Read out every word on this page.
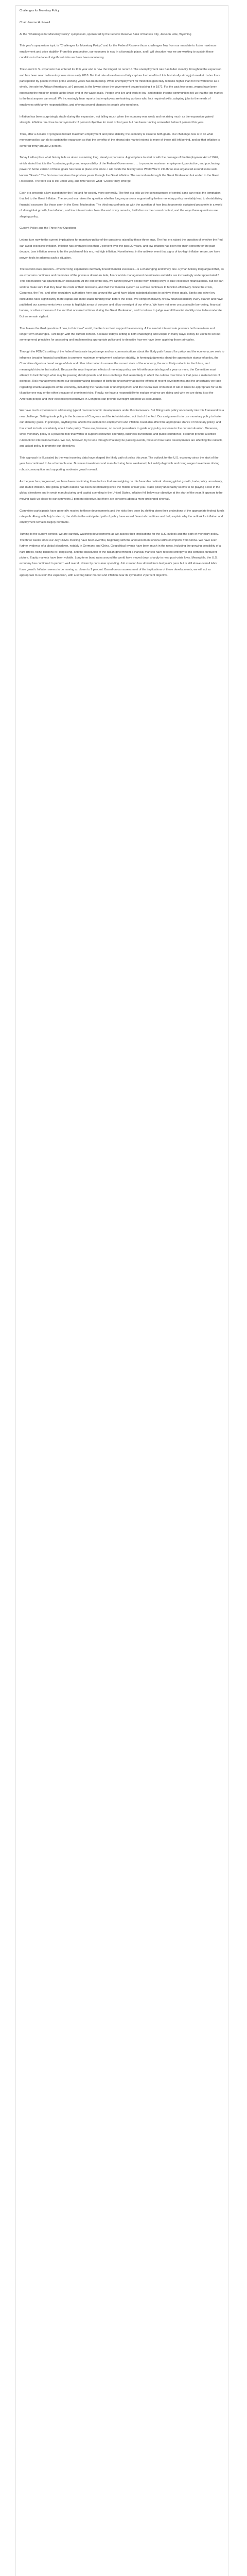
Challenges for Monetary Policy

Chair Jerome H. Powell

At the "Challenges for Monetary Policy" symposium, sponsored by the Federal Reserve Bank of Kansas City, Jackson Hole, Wyoming

This year's symposium topic is "Challenges for Monetary Policy," and for the Federal Reserve those challenges flow from our mandate to foster maximum employment and price stability. From this perspective, our economy is now in a favorable place, and I will describe how we are working to sustain these conditions in the face of significant risks we have been monitoring.

The current U.S. expansion has entered its 11th year and is now the longest on record.1 The unemployment rate has fallen steadily throughout the expansion and has been near half-century lows since early 2018. But that rate alone does not fully capture the benefits of this historically strong job market. Labor force participation by people in their prime working years has been rising. While unemployment for minorities generally remains higher than for the workforce as a whole, the rate for African Americans, at 6 percent, is the lowest since the government began tracking it in 1972. For the past few years, wages have been increasing the most for people at the lower end of the wage scale. People who live and work in low- and middle-income communities tell us that the job market is the best anyone can recall. We increasingly hear reports that employers are training workers who lack required skills, adapting jobs to the needs of employees with family responsibilities, and offering second chances to people who need one.

Inflation has been surprisingly stable during the expansion, not falling much when the economy was weak and not rising much as the expansion gained strength. Inflation ran close to our symmetric 2 percent objective for most of last year but has been running somewhat below 2 percent this year.

Thus, after a decade of progress toward maximum employment and price stability, the economy is close to both goals. Our challenge now is to do what monetary policy can do to sustain the expansion so that the benefits of the strong jobs market extend to more of those still left behind, and so that inflation is centered firmly around 2 percent.

Today I will explore what history tells us about sustaining long, steady expansions. A good place to start is with the passage of the Employment Act of 1946, which stated that it is the "continuing policy and responsibility of the Federal Government . . . to promote maximum employment, production, and purchasing power."2 Some version of these goals has been in place ever since. I will divide the history since World War II into three eras organized around some well-known "Greats." The first era comprises the postwar years through the Great Inflation. The second era brought the Great Moderation but ended in the Great Recession. The third era is still under way, and time will tell what "Greats" may emerge.

Each era presents a key question for the Fed and for society more generally. The first era tells us the consequences of central bank can resist the temptation that led to the Great Inflation. The second era raises the question whether long expansions supported by better monetary policy inevitably lead to destabilizing financial excesses like those seen in the Great Moderation. The third era confronts us with the question of how best to promote sustained prosperity in a world of slow global growth, low inflation, and low interest rates. Near the end of my remarks, I will discuss the current context, and the ways these questions are shaping policy.

Current Policy and the Three Key Questions

Let me turn now to the current implications for monetary policy of the questions raised by these three eras. The first era raised the question of whether the Fed can avoid excessive inflation. Inflation has averaged less than 2 percent over the past 20 years, and low inflation has been the main concern for the past decade. Low inflation seems to be the problem of this era, not high inflation. Nonetheless, in the unlikely event that signs of too-high inflation return, we have proven tools to address such a situation.

The second era's question—whether long expansions inevitably breed financial excesses—is a challenging and timely one. Hyman Minsky long argued that, as an expansion continues and memories of the previous downturn fade, financial risk management deteriorates and risks are increasingly underappreciated.3 This observation has sparked much discussion. At the end of the day, we cannot prevent people from finding ways to take excessive financial risks. But we can work to make sure that they bear the costs of their decisions, and that the financial system as a whole continues to function effectively. Since the crisis, Congress, the Fed, and other regulatory authorities here and around the world have taken substantial steps to achieve these goals. Banks and other key institutions have significantly more capital and more stable funding than before the crisis. We comprehensively review financial stability every quarter and have published our assessments twice a year to highlight areas of concern and allow oversight of our efforts. We have not seen unsustainable borrowing, financial booms, or other excesses of the sort that occurred at times during the Great Moderation, and I continue to judge overall financial stability risks to be moderate. But we remain vigilant.

That leaves the third question of how, in this low-r* world, the Fed can best support the economy. A low neutral interest rate prevents both near-term and longer-term challenges. I will begin with the current context. Because today's setting is both challenging and unique in many ways, it may be useful to set out some general principles for assessing and implementing appropriate policy and to describe how we have been applying those principles.

Through the FOMC's setting of the federal funds rate target range and our communications about the likely path forward for policy and the economy, we seek to influence broader financial conditions to promote maximum employment and price stability. In forming judgments about the appropriate stance of policy, the Committee digests a broad range of data and other information to assess the current state of the economy, the most likely outlook for the future, and meaningful risks to that outlook. Because the most important effects of monetary policy are felt with uncertain lags of a year or more, the Committee must attempt to look through what may be passing developments and focus on things that seem likely to affect the outlook over time or that pose a material risk of doing so. Risk management enters our decisionmaking because of both the uncertainty about the effects of recent developments and the uncertainty we face regarding structural aspects of the economy, including the natural rate of unemployment and the neutral rate of interest. It will at times be appropriate for us to tilt policy one way or the other because of prominent risks. Finally, we have a responsibility to explain what we are doing and why we are doing it so the American people and their elected representatives in Congress can provide oversight and hold us accountable.

We have much experience in addressing typical macroeconomic developments under this framework. But fitting trade policy uncertainty into this framework is a new challenge. Setting trade policy is the business of Congress and the Administration, not that of the Fed. Our assignment is to use monetary policy to foster our statutory goals. In principle, anything that affects the outlook for employment and inflation could also affect the appropriate stance of monetary policy, and that could include uncertainty about trade policy. There are, however, no recent precedents to guide any policy response to the current situation. Moreover, while monetary policy is a powerful tool that works to support consumer spending, business investment, and public confidence, it cannot provide a settled rulebook for international trade. We can, however, try to look through what may be passing events, focus on how trade developments are affecting the outlook, and adjust policy to promote our objectives.

This approach is illustrated by the way incoming data have shaped the likely path of policy this year. The outlook for the U.S. economy since the start of the year has continued to be a favorable one. Business investment and manufacturing have weakened, but solid job growth and rising wages have been driving robust consumption and supporting moderate growth overall.

As the year has progressed, we have been monitoring three factors that are weighing on this favorable outlook: slowing global growth, trade policy uncertainty, and muted inflation. The global growth outlook has been deteriorating since the middle of last year. Trade policy uncertainty seems to be playing a role in the global slowdown and in weak manufacturing and capital spending in the United States. Inflation fell below our objective at the start of the year. It appears to be moving back up closer to our symmetric 2 percent objective, but there are concerns about a more prolonged shortfall.

Committee participants have generally reacted to these developments and the risks they pose by shifting down their projections of the appropriate federal funds rate path. Along with July's rate cut, the shifts in the anticipated path of policy have eased financial conditions and help explain why the outlook for inflation and employment remains largely favorable.

Turning to the current context, we are carefully watching developments as we assess their implications for the U.S. outlook and the path of monetary policy. The three weeks since our July FOMC meeting have been eventful, beginning with the announcement of new tariffs on imports from China. We have seen further evidence of a global slowdown, notably in Germany and China. Geopolitical events have been much in the news, including the growing possibility of a hard Brexit, rising tensions in Hong Kong, and the dissolution of the Italian government. Financial markets have reacted strongly to this complex, turbulent picture. Equity markets have been volatile. Long-term bond rates around the world have moved down sharply to near post-crisis lows. Meanwhile, the U.S. economy has continued to perform well overall, driven by consumer spending. Job creation has slowed from last year's pace but is still above overall labor force growth. Inflation seems to be moving up closer to 2 percent. Based on our assessment of the implications of these developments, we will act as appropriate to sustain the expansion, with a strong labor market and inflation near its symmetric 2 percent objective.
